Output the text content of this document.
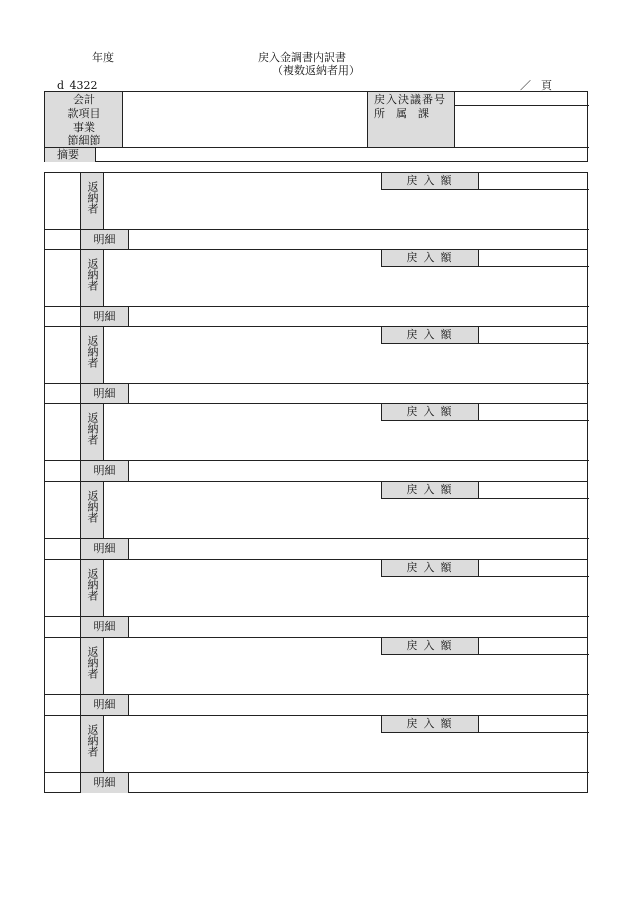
年度	戻入金調書内訳書
（複数返納者用）
d_4322	／頁
会計
款項目
事業
節細節
戻入決議番号
所　属　課
摘要
返納者
戻入額
明細
返納者
戻入額
明細
返納者
戻入額
明細
返納者
戻入額
明細
返納者
戻入額
明細
返納者
戻入額
明細
返納者
戻入額
明細
返納者
戻入額
明細
